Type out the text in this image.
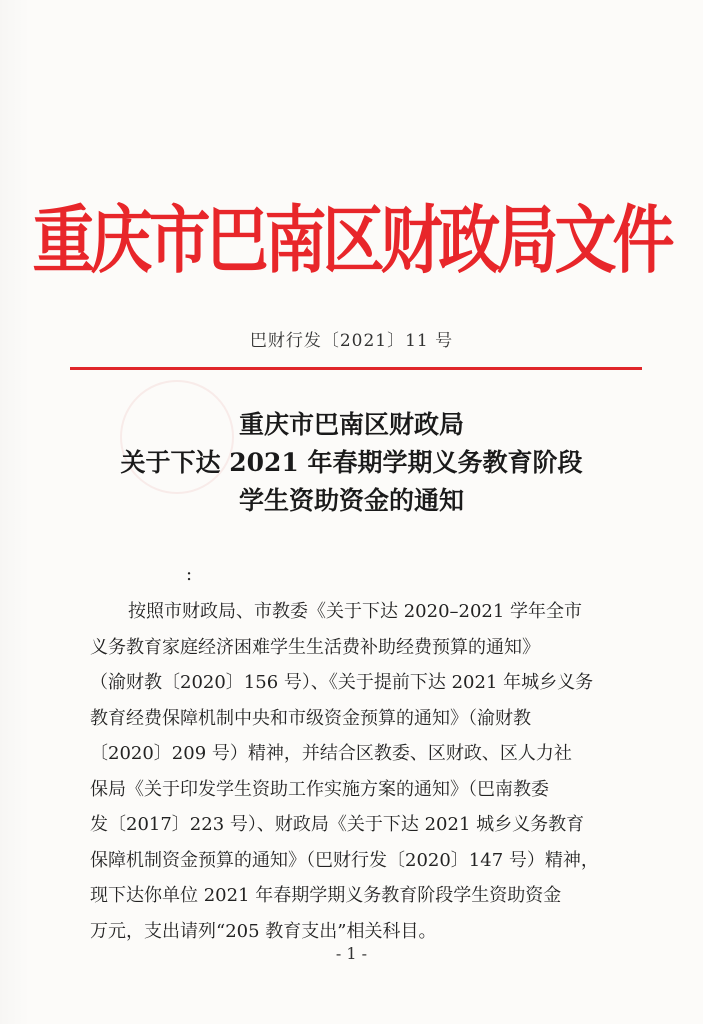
重庆市巴南区财政局文件
巴财行发〔2021〕11 号
重庆市巴南区财政局
关于下达 2021 年春期学期义务教育阶段
学生资助资金的通知
:
按照市财政局、市教委《关于下达 2020–2021 学年全市
义务教育家庭经济困难学生生活费补助经费预算的通知》
（渝财教〔2020〕156 号）、《关于提前下达 2021 年城乡义务
教育经费保障机制中央和市级资金预算的通知》（渝财教
〔2020〕209 号）精神，并结合区教委、区财政、区人力社
保局《关于印发学生资助工作实施方案的通知》（巴南教委
发〔2017〕223 号）、财政局《关于下达 2021 城乡义务教育
保障机制资金预算的通知》（巴财行发〔2020〕147 号）精神，
现下达你单位 2021 年春期学期义务教育阶段学生资助资金
万元，支出请列“205 教育支出”相关科目。
- 1 -
